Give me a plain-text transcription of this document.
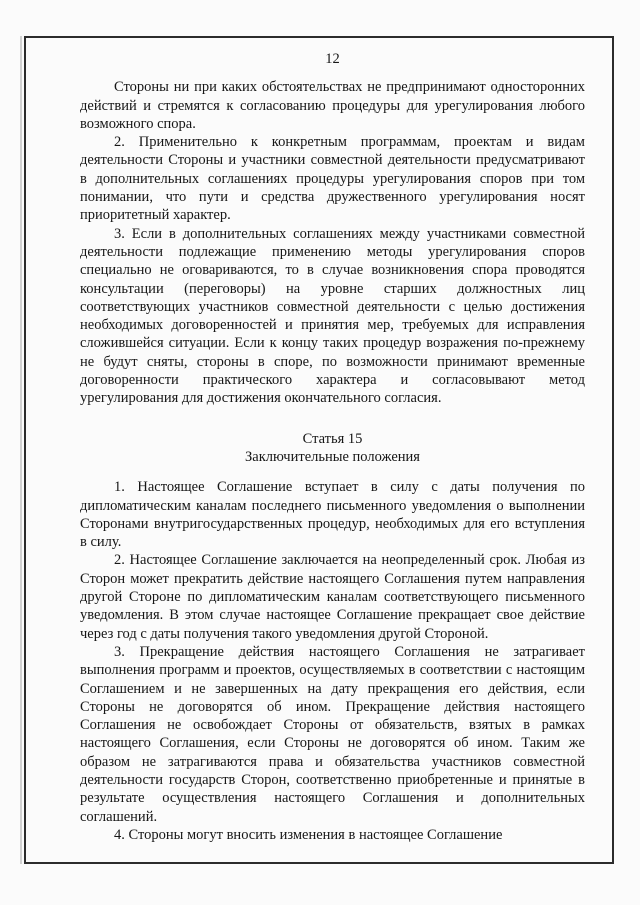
12

Стороны ни при каких обстоятельствах не предпринимают односторонних действий и стремятся к согласованию процедуры для урегулирования любого возможного спора.

2. Применительно к конкретным программам, проектам и видам деятельности Стороны и участники совместной деятельности предусматривают в дополнительных соглашениях процедуры урегулирования споров при том понимании, что пути и средства дружественного урегулирования носят приоритетный характер.

3. Если в дополнительных соглашениях между участниками совместной деятельности подлежащие применению методы урегулирования споров специально не оговариваются, то в случае возникновения спора проводятся консультации (переговоры) на уровне старших должностных лиц соответствующих участников совместной деятельности с целью достижения необходимых договоренностей и принятия мер, требуемых для исправления сложившейся ситуации. Если к концу таких процедур возражения по-прежнему не будут сняты, стороны в споре, по возможности принимают временные договоренности практического характера и согласовывают метод урегулирования для достижения окончательного согласия.

Статья 15
Заключительные положения

1. Настоящее Соглашение вступает в силу с даты получения по дипломатическим каналам последнего письменного уведомления о выполнении Сторонами внутригосударственных процедур, необходимых для его вступления в силу.

2. Настоящее Соглашение заключается на неопределенный срок. Любая из Сторон может прекратить действие настоящего Соглашения путем направления другой Стороне по дипломатическим каналам соответствующего письменного уведомления. В этом случае настоящее Соглашение прекращает свое действие через год с даты получения такого уведомления другой Стороной.

3. Прекращение действия настоящего Соглашения не затрагивает выполнения программ и проектов, осуществляемых в соответствии с настоящим Соглашением и не завершенных на дату прекращения его действия, если Стороны не договорятся об ином. Прекращение действия настоящего Соглашения не освобождает Стороны от обязательств, взятых в рамках настоящего Соглашения, если Стороны не договорятся об ином. Таким же образом не затрагиваются права и обязательства участников совместной деятельности государств Сторон, соответственно приобретенные и принятые в результате осуществления настоящего Соглашения и дополнительных соглашений.

4. Стороны могут вносить изменения в настоящее Соглашение
